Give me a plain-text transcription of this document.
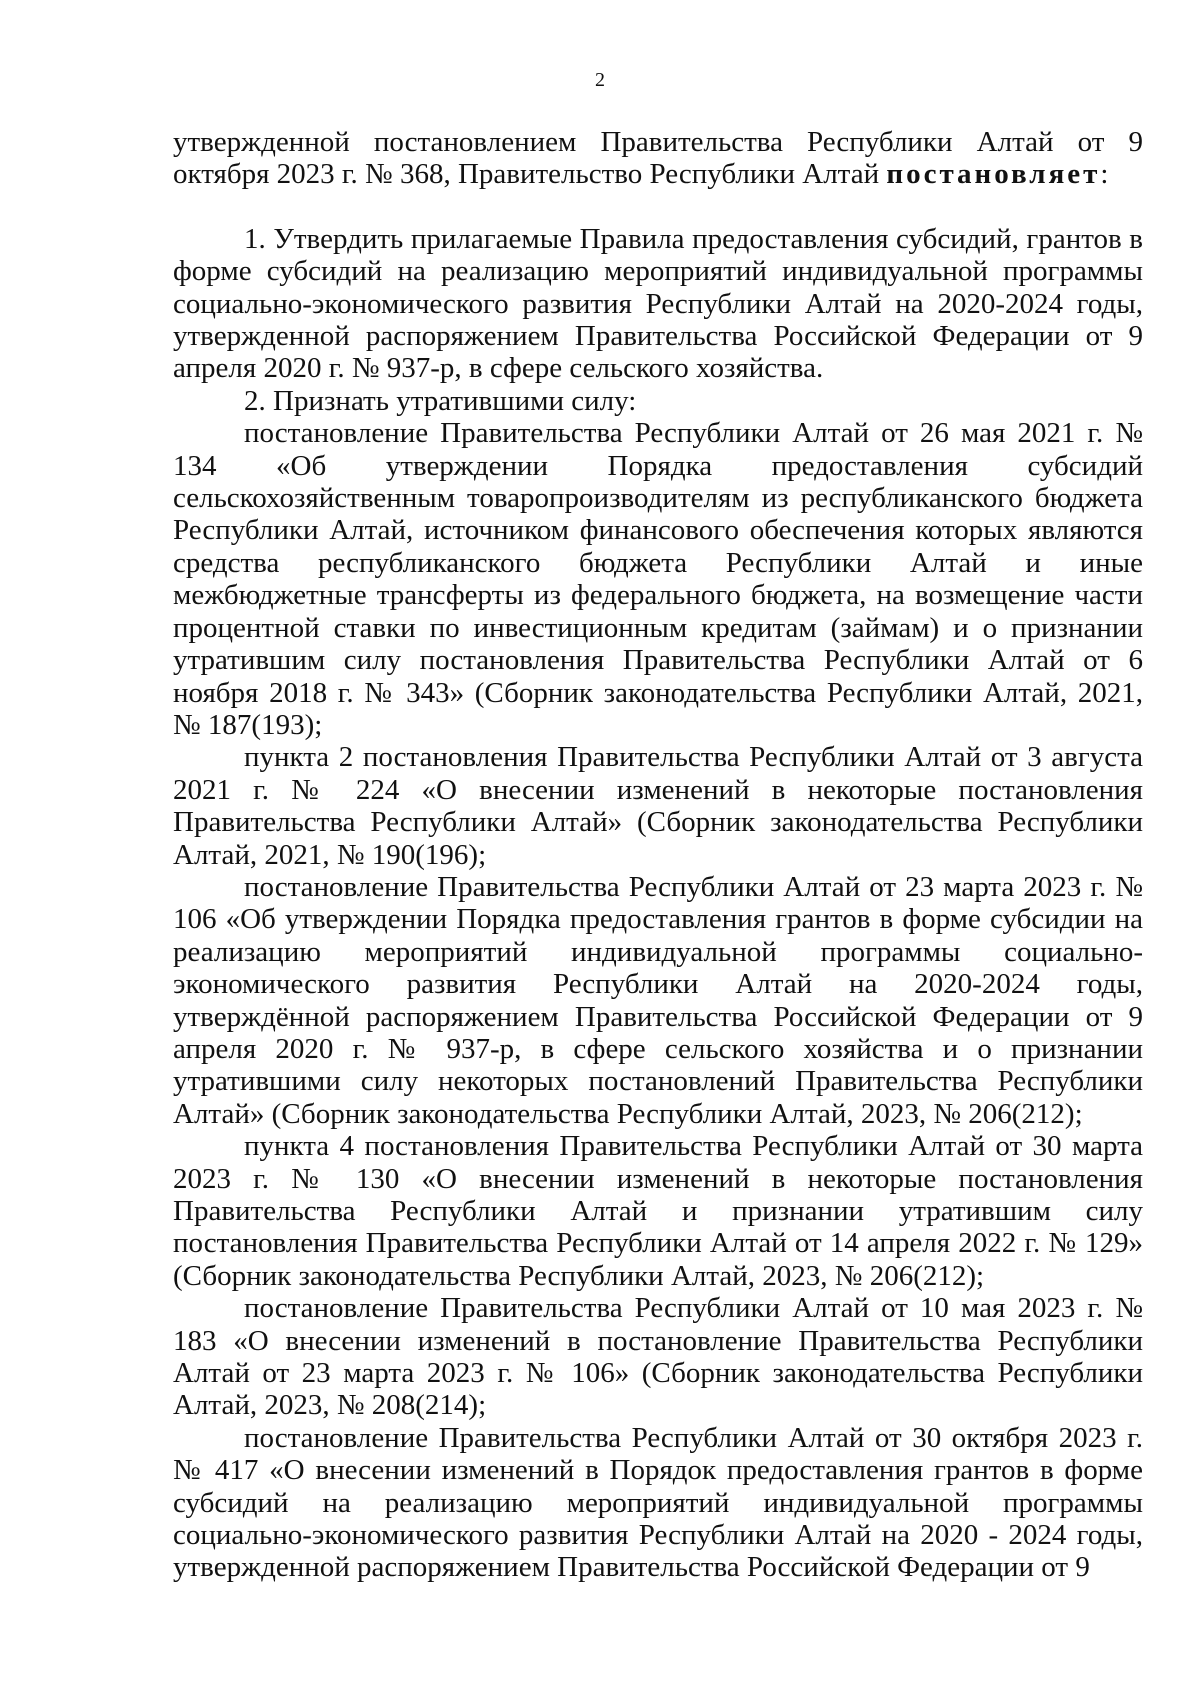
2

утвержденной постановлением Правительства Республики Алтай от 9 октября 2023 г. № 368, Правительство Республики Алтай постановляет:

1. Утвердить прилагаемые Правила предоставления субсидий, грантов в форме субсидий на реализацию мероприятий индивидуальной программы социально-экономического развития Республики Алтай на 2020-2024 годы, утвержденной распоряжением Правительства Российской Федерации от 9 апреля 2020 г. № 937-р, в сфере сельского хозяйства.

2. Признать утратившими силу:

постановление Правительства Республики Алтай от 26 мая 2021 г. № 134 «Об утверждении Порядка предоставления субсидий сельскохозяйственным товаропроизводителям из республиканского бюджета Республики Алтай, источником финансового обеспечения которых являются средства республиканского бюджета Республики Алтай и иные межбюджетные трансферты из федерального бюджета, на возмещение части процентной ставки по инвестиционным кредитам (займам) и о признании утратившим силу постановления Правительства Республики Алтай от 6 ноября 2018 г. № 343» (Сборник законодательства Республики Алтай, 2021, № 187(193);

пункта 2 постановления Правительства Республики Алтай от 3 августа 2021 г. № 224 «О внесении изменений в некоторые постановления Правительства Республики Алтай» (Сборник законодательства Республики Алтай, 2021, № 190(196);

постановление Правительства Республики Алтай от 23 марта 2023 г. № 106 «Об утверждении Порядка предоставления грантов в форме субсидии на реализацию мероприятий индивидуальной программы социально-экономического развития Республики Алтай на 2020-2024 годы, утверждённой распоряжением Правительства Российской Федерации от 9 апреля 2020 г. № 937-р, в сфере сельского хозяйства и о признании утратившими силу некоторых постановлений Правительства Республики Алтай» (Сборник законодательства Республики Алтай, 2023, № 206(212);

пункта 4 постановления Правительства Республики Алтай от 30 марта 2023 г. № 130 «О внесении изменений в некоторые постановления Правительства Республики Алтай и признании утратившим силу постановления Правительства Республики Алтай от 14 апреля 2022 г. № 129» (Сборник законодательства Республики Алтай, 2023, № 206(212);

постановление Правительства Республики Алтай от 10 мая 2023 г. № 183 «О внесении изменений в постановление Правительства Республики Алтай от 23 марта 2023 г. № 106» (Сборник законодательства Республики Алтай, 2023, № 208(214);

постановление Правительства Республики Алтай от 30 октября 2023 г. № 417 «О внесении изменений в Порядок предоставления грантов в форме субсидий на реализацию мероприятий индивидуальной программы социально-экономического развития Республики Алтай на 2020 - 2024 годы, утвержденной распоряжением Правительства Российской Федерации от 9
